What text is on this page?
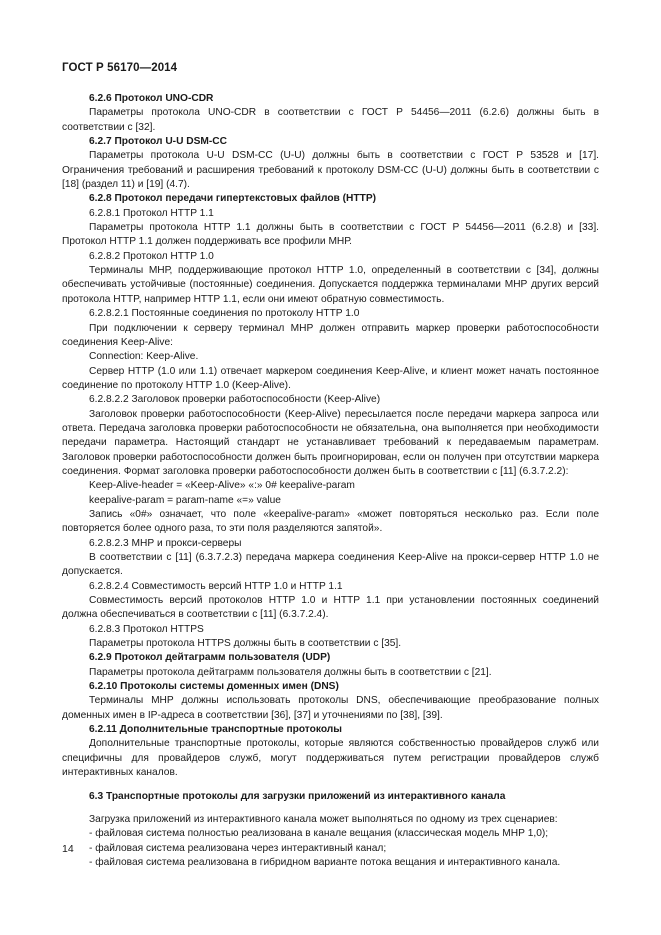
ГОСТ Р 56170—2014

6.2.6 Протокол UNO-CDR

Параметры протокола UNO-CDR в соответствии с ГОСТ Р 54456—2011 (6.2.6) должны быть в соответствии с [32].

6.2.7 Протокол U-U DSM-CC

Параметры протокола U-U DSM-CC (U-U) должны быть в соответствии с ГОСТ Р 53528 и [17]. Ограничения требований и расширения требований к протоколу DSM-CC (U-U) должны быть в соответствии с [18] (раздел 11) и [19] (4.7).

6.2.8 Протокол передачи гипертекстовых файлов (HTTP)

6.2.8.1 Протокол HTTP 1.1

Параметры протокола HTTP 1.1 должны быть в соответствии с ГОСТ Р 54456—2011 (6.2.8) и [33]. Протокол HTTP 1.1 должен поддерживать все профили МНР.

6.2.8.2 Протокол HTTP 1.0

Терминалы МНР, поддерживающие протокол HTTP 1.0, определенный в соответствии с [34], должны обеспечивать устойчивые (постоянные) соединения. Допускается поддержка терминалами МНР других версий протокола HTTP, например HTTP 1.1, если они имеют обратную совместимость.

6.2.8.2.1 Постоянные соединения по протоколу HTTP 1.0

При подключении к серверу терминал МНР должен отправить маркер проверки работоспособности соединения Keep-Alive:

Connection: Keep-Alive.

Сервер HTTP (1.0 или 1.1) отвечает маркером соединения Keep-Alive, и клиент может начать постоянное соединение по протоколу HTTP 1.0 (Keep-Alive).

6.2.8.2.2 Заголовок проверки работоспособности (Keep-Alive)

Заголовок проверки работоспособности (Keep-Alive) пересылается после передачи маркера запроса или ответа. Передача заголовка проверки работоспособности не обязательна, она выполняется при необходимости передачи параметра. Настоящий стандарт не устанавливает требований к передаваемым параметрам. Заголовок проверки работоспособности должен быть проигнорирован, если он получен при отсутствии маркера соединения. Формат заголовка проверки работоспособности должен быть в соответствии с [11] (6.3.7.2.2):

Keep-Alive-header = «Keep-Alive» «:» 0# keepalive-param

keepalive-param = param-name «=» value

Запись «0#» означает, что поле «keepalive-param» «может повторяться несколько раз. Если поле повторяется более одного раза, то эти поля разделяются запятой».

6.2.8.2.3 МНР и прокси-серверы

В соответствии с [11] (6.3.7.2.3) передача маркера соединения Keep-Alive на прокси-сервер HTTP 1.0 не допускается.

6.2.8.2.4 Совместимость версий HTTP 1.0 и HTTP 1.1

Совместимость версий протоколов HTTP 1.0 и HTTP 1.1 при установлении постоянных соединений должна обеспечиваться в соответствии с [11] (6.3.7.2.4).

6.2.8.3 Протокол HTTPS

Параметры протокола HTTPS должны быть в соответствии с [35].

6.2.9 Протокол дейтаграмм пользователя (UDP)

Параметры протокола дейтаграмм пользователя должны быть в соответствии с [21].

6.2.10 Протоколы системы доменных имен (DNS)

Терминалы МНР должны использовать протоколы DNS, обеспечивающие преобразование полных доменных имен в IP-адреса в соответствии [36], [37] и уточнениями по [38], [39].

6.2.11 Дополнительные транспортные протоколы

Дополнительные транспортные протоколы, которые являются собственностью провайдеров служб или специфичны для провайдеров служб, могут поддерживаться путем регистрации провайдеров служб интерактивных каналов.

6.3 Транспортные протоколы для загрузки приложений из интерактивного канала

Загрузка приложений из интерактивного канала может выполняться по одному из трех сценариев:

- файловая система полностью реализована в канале вещания (классическая модель МНР 1,0);

- файловая система реализована через интерактивный канал;

- файловая система реализована в гибридном варианте потока вещания и интерактивного канала.

14
